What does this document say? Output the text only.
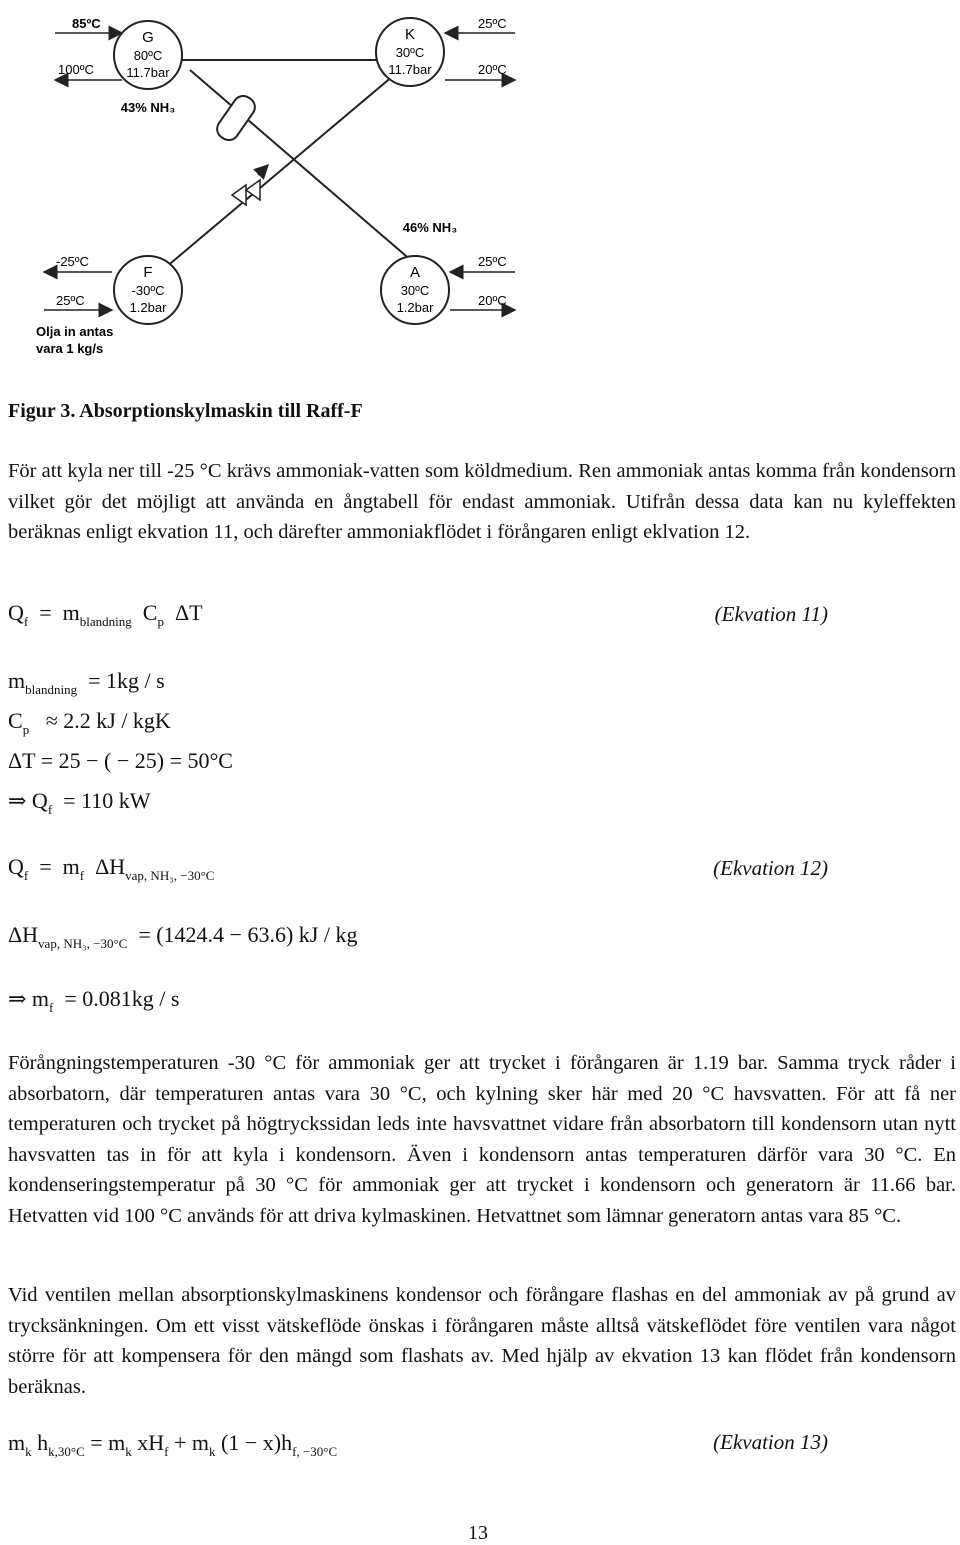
85ºC
100ºC
G
80ºC
11.7bar
43% NH₃
K
30ºC
11.7bar
25ºC
20ºC
46% NH₃
-25ºC
25ºC
F
-30ºC
1.2bar
Olja in antas
vara 1 kg/s
A
30ºC
1.2bar
25ºC
20ºC
Figur 3. Absorptionskylmaskin till Raff-F
För att kyla ner till -25 °C krävs ammoniak-vatten som köldmedium. Ren ammoniak antas komma från kondensorn vilket gör det möjligt att använda en ångtabell för endast ammoniak. Utifrån dessa data kan nu kyleffekten beräknas enligt ekvation 11, och därefter ammoniakflödet i förångaren enligt eklvation 12.
$Q_f = m_{blandning}$  $C_p$  ΔT	(Ekvation 11)
$m_{blandning} = 1kg / s$
$C_p \approx 2.2$ kJ / kgK
ΔT = 25 − ( − 25) = 50°C
⇒ $Q_f = 110$ kW
$Q_f = m_f$  $\Delta H_{vap, NH_3, -30^\circ C}$	(Ekvation 12)
$\Delta H_{vap, NH_3, -30^\circ C} = (1424.4 - 63.6)$ kJ / kg
⇒ $m_f = 0.081kg / s$
Förångningstemperaturen -30 °C för ammoniak ger att trycket i förångaren är 1.19 bar. Samma tryck råder i absorbatorn, där temperaturen antas vara 30 °C, och kylning sker här med 20 °C havsvatten. För att få ner temperaturen och trycket på högtryckssidan leds inte havsvattnet vidare från absorbatorn till kondensorn utan nytt havsvatten tas in för att kyla i kondensorn. Även i kondensorn antas temperaturen därför vara 30 °C. En kondenseringstemperatur på 30 °C för ammoniak ger att trycket i kondensorn och generatorn är 11.66 bar. Hetvatten vid 100 °C används för att driva kylmaskinen. Hetvattnet som lämnar generatorn antas vara 85 °C.
Vid ventilen mellan absorptionskylmaskinens kondensor och förångare flashas en del ammoniak av på grund av trycksänkningen. Om ett visst vätskeflöde önskas i förångaren måste alltså vätskeflödet före ventilen vara något större för att kompensera för den mängd som flashats av. Med hjälp av ekvation 13 kan flödet från kondensorn beräknas.
$m_k$ $h_{k,30^\circ C} = m_k$ $xH_f + m_k$ $(1 - x)h_{f, -30^\circ C}$	(Ekvation 13)
13
